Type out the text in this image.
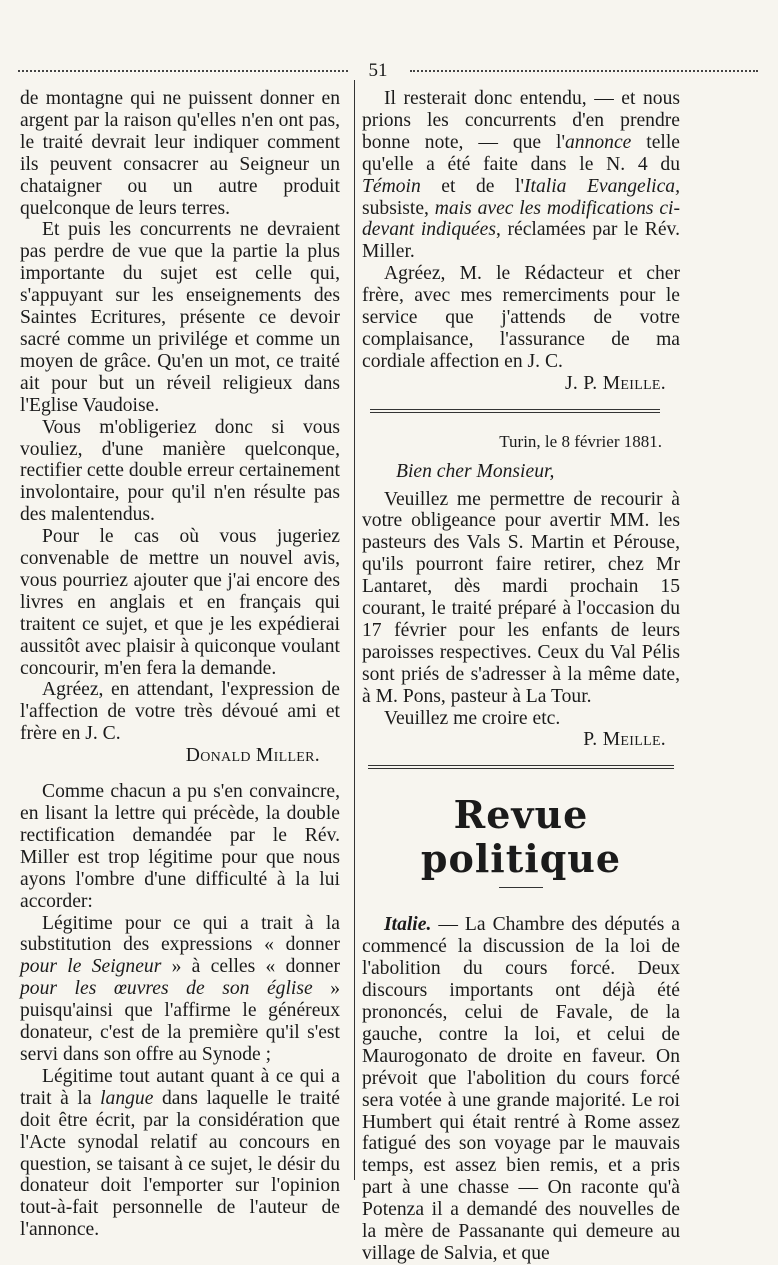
51

de montagne qui ne puissent donner en argent par la raison qu'elles n'en ont pas, le traité devrait leur indiquer comment ils peuvent consacrer au Seigneur un chataigner ou un autre produit quelconque de leurs terres.

Et puis les concurrents ne devraient pas perdre de vue que la partie la plus importante du sujet est celle qui, s'appuyant sur les enseignements des Saintes Ecritures, présente ce devoir sacré comme un privilége et comme un moyen de grâce. Qu'en un mot, ce traité ait pour but un réveil religieux dans l'Eglise Vaudoise.

Vous m'obligeriez donc si vous vouliez, d'une manière quelconque, rectifier cette double erreur certainement involontaire, pour qu'il n'en résulte pas des malentendus.

Pour le cas où vous jugeriez convenable de mettre un nouvel avis, vous pourriez ajouter que j'ai encore des livres en anglais et en français qui traitent ce sujet, et que je les expédierai aussitôt avec plaisir à quiconque voulant concourir, m'en fera la demande.

Agréez, en attendant, l'expression de l'affection de votre très dévoué ami et frère en J. C.

Donald Miller.

Comme chacun a pu s'en convaincre, en lisant la lettre qui précède, la double rectification demandée par le Rév. Miller est trop légitime pour que nous ayons l'ombre d'une difficulté à la lui accorder:

Légitime pour ce qui a trait à la substitution des expressions « donner pour le Seigneur » à celles « donner pour les œuvres de son église » puisqu'ainsi que l'affirme le généreux donateur, c'est de la première qu'il s'est servi dans son offre au Synode ;

Légitime tout autant quant à ce qui a trait à la langue dans laquelle le traité doit être écrit, par la considération que l'Acte synodal relatif au concours en question, se taisant à ce sujet, le désir du donateur doit l'emporter sur l'opinion tout-à-fait personnelle de l'auteur de l'annonce.

Il resterait donc entendu, — et nous prions les concurrents d'en prendre bonne note, — que l'annonce telle qu'elle a été faite dans le N. 4 du Témoin et de l'Italia Evangelica, subsiste, mais avec les modifications ci-devant indiquées, réclamées par le Rév. Miller.

Agréez, M. le Rédacteur et cher frère, avec mes remerciments pour le service que j'attends de votre complaisance, l'assurance de ma cordiale affection en J. C.

J. P. Meille.

Turin, le 8 février 1881.

Bien cher Monsieur,

Veuillez me permettre de recourir à votre obligeance pour avertir MM. les pasteurs des Vals S. Martin et Pérouse, qu'ils pourront faire retirer, chez Mr Lantaret, dès mardi prochain 15 courant, le traité préparé à l'occasion du 17 février pour les enfants de leurs paroisses respectives. Ceux du Val Pélis sont priés de s'adresser à la même date, à M. Pons, pasteur à La Tour.

Veuillez me croire etc.

P. Meille.

Revue politique

Italie. — La Chambre des députés a commencé la discussion de la loi de l'abolition du cours forcé. Deux discours importants ont déjà été prononcés, celui de Favale, de la gauche, contre la loi, et celui de Maurogonato de droite en faveur. On prévoit que l'abolition du cours forcé sera votée à une grande majorité. Le roi Humbert qui était rentré à Rome assez fatigué des son voyage par le mauvais temps, est assez bien remis, et a pris part à une chasse — On raconte qu'à Potenza il a demandé des nouvelles de la mère de Passanante qui demeure au village de Salvia, et que
